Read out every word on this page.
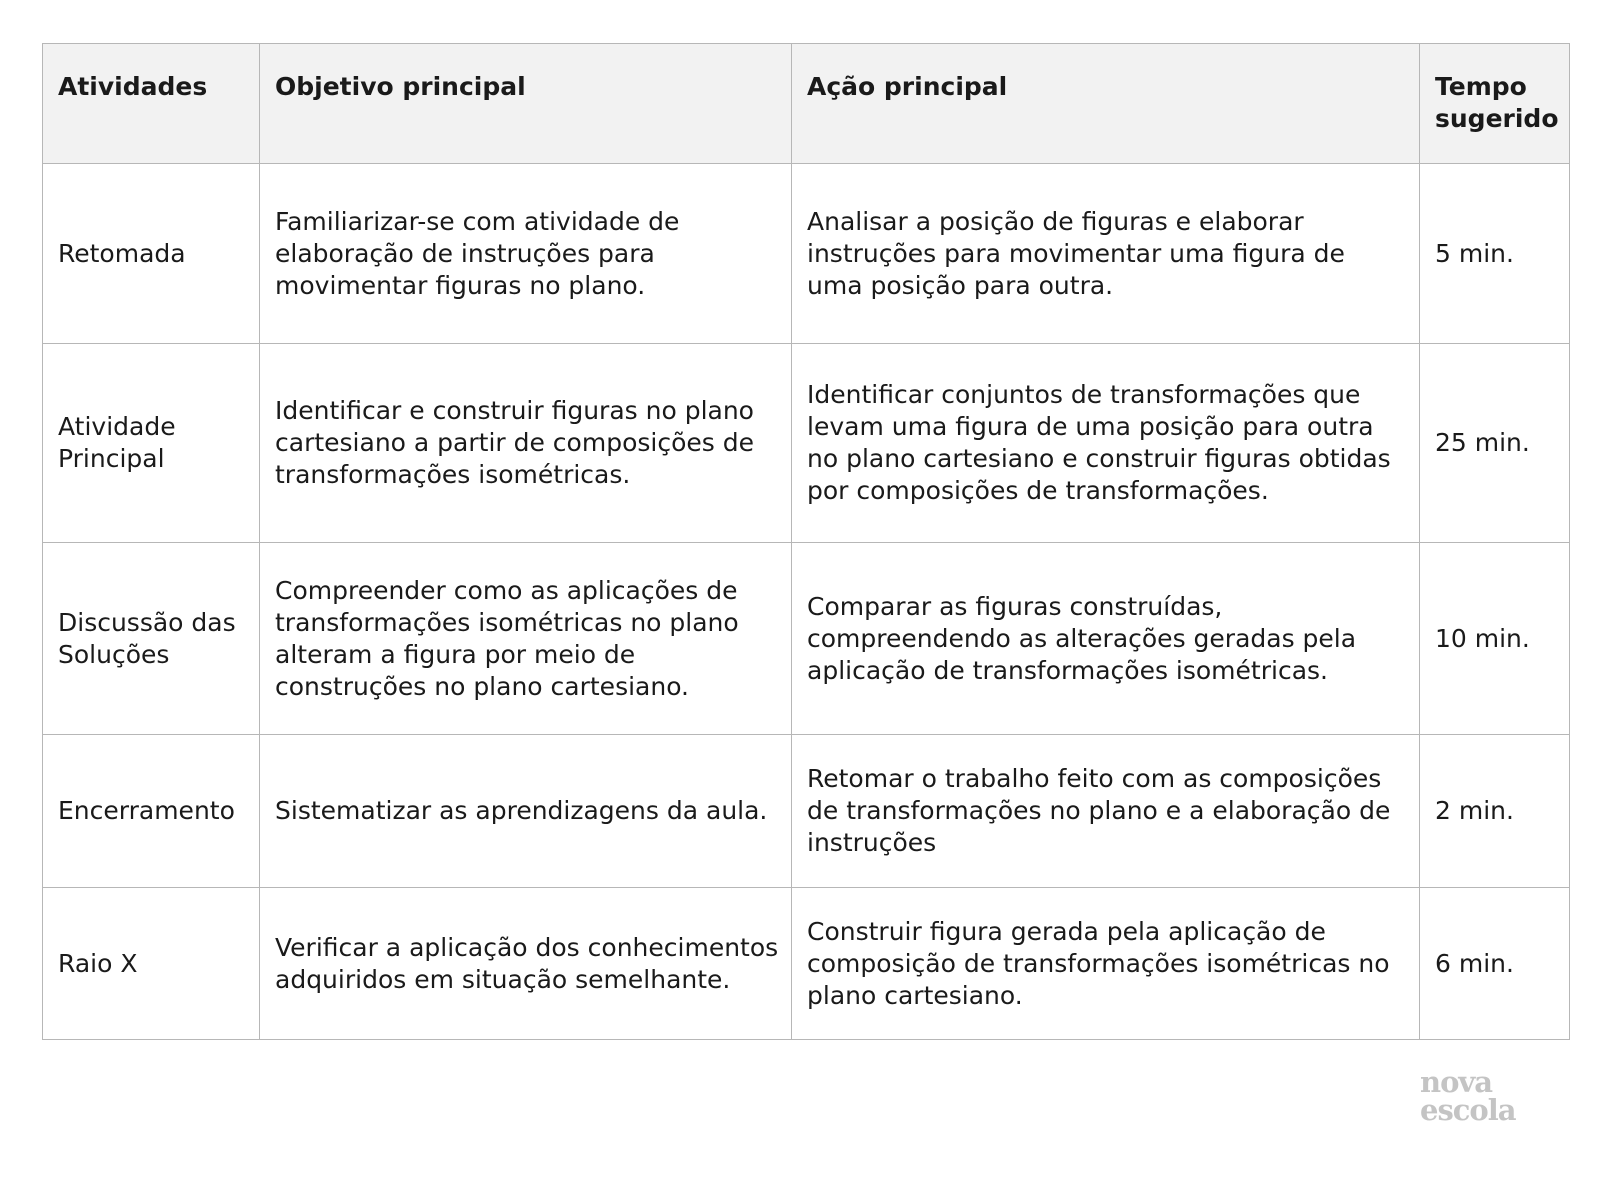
Atividades	Objetivo principal	Ação principal	Tempo sugerido
Retomada	Familiarizar-se com atividade de elaboração de instruções para movimentar figuras no plano.	Analisar a posição de figuras e elaborar instruções para movimentar uma figura de uma posição para outra.	5 min.
Atividade Principal	Identificar e construir figuras no plano cartesiano a partir de composições de transformações isométricas.	Identificar conjuntos de transformações que levam uma figura de uma posição para outra no plano cartesiano e construir figuras obtidas por composições de transformações.	25 min.
Discussão das Soluções	Compreender como as aplicações de transformações isométricas no plano alteram a figura por meio de construções no plano cartesiano.	Comparar as figuras construídas, compreendendo as alterações geradas pela aplicação de transformações isométricas.	10 min.
Encerramento	Sistematizar as aprendizagens da aula.	Retomar o trabalho feito com as composições de transformações no plano e a elaboração de instruções	2 min.
Raio X	Verificar a aplicação dos conhecimentos adquiridos em situação semelhante.	Construir figura gerada pela aplicação de composição de transformações isométricas no plano cartesiano.	6 min.
nova
escola
